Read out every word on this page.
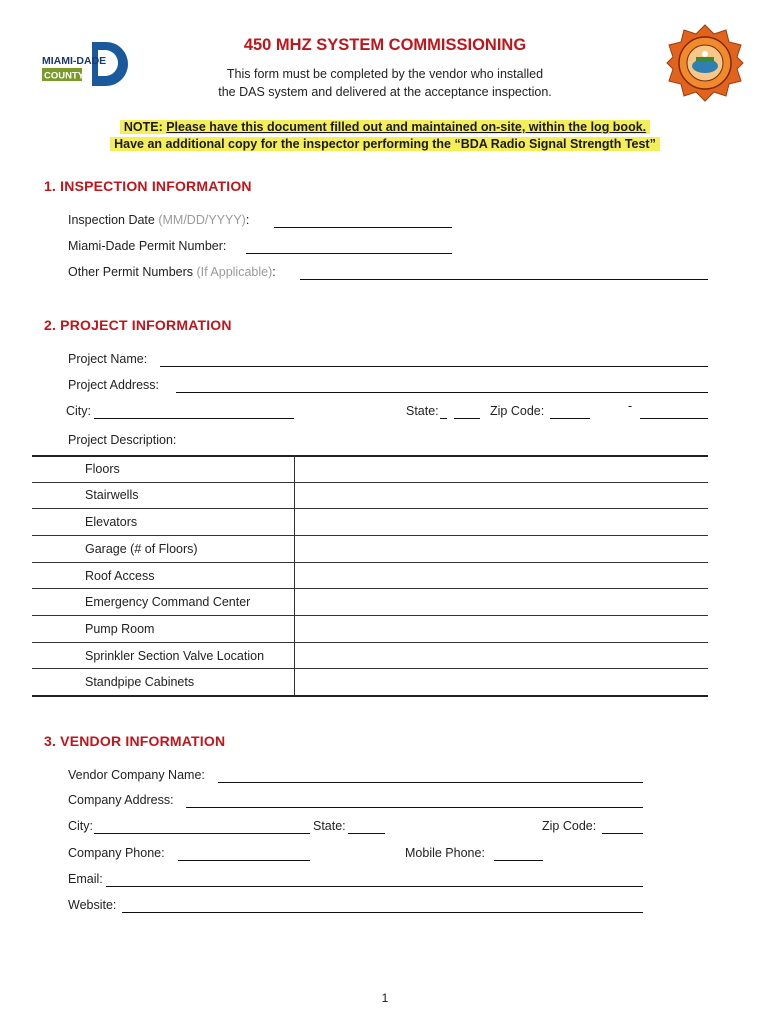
MIAMI-DADE
COUNTY
450 MHZ SYSTEM COMMISSIONING
This form must be completed by the vendor who installed
the DAS system and delivered at the acceptance inspection.
NOTE: Please have this document filled out and maintained on-site, within the log book.
Have an additional copy for the inspector performing the “BDA Radio Signal Strength Test”
1. INSPECTION INFORMATION
Inspection Date (MM/DD/YYYY):
Miami-Dade Permit Number:
Other Permit Numbers (If Applicable):
2. PROJECT INFORMATION
Project Name:
Project Address:
City:	State:	Zip Code:	-
Project Description:
Floors
Stairwells
Elevators
Garage (# of Floors)
Roof Access
Emergency Command Center
Pump Room
Sprinkler Section Valve Location
Standpipe Cabinets
3. VENDOR INFORMATION
Vendor Company Name:
Company Address:
City:	State:	Zip Code:
Company Phone:	Mobile Phone:
Email:
Website:
1
